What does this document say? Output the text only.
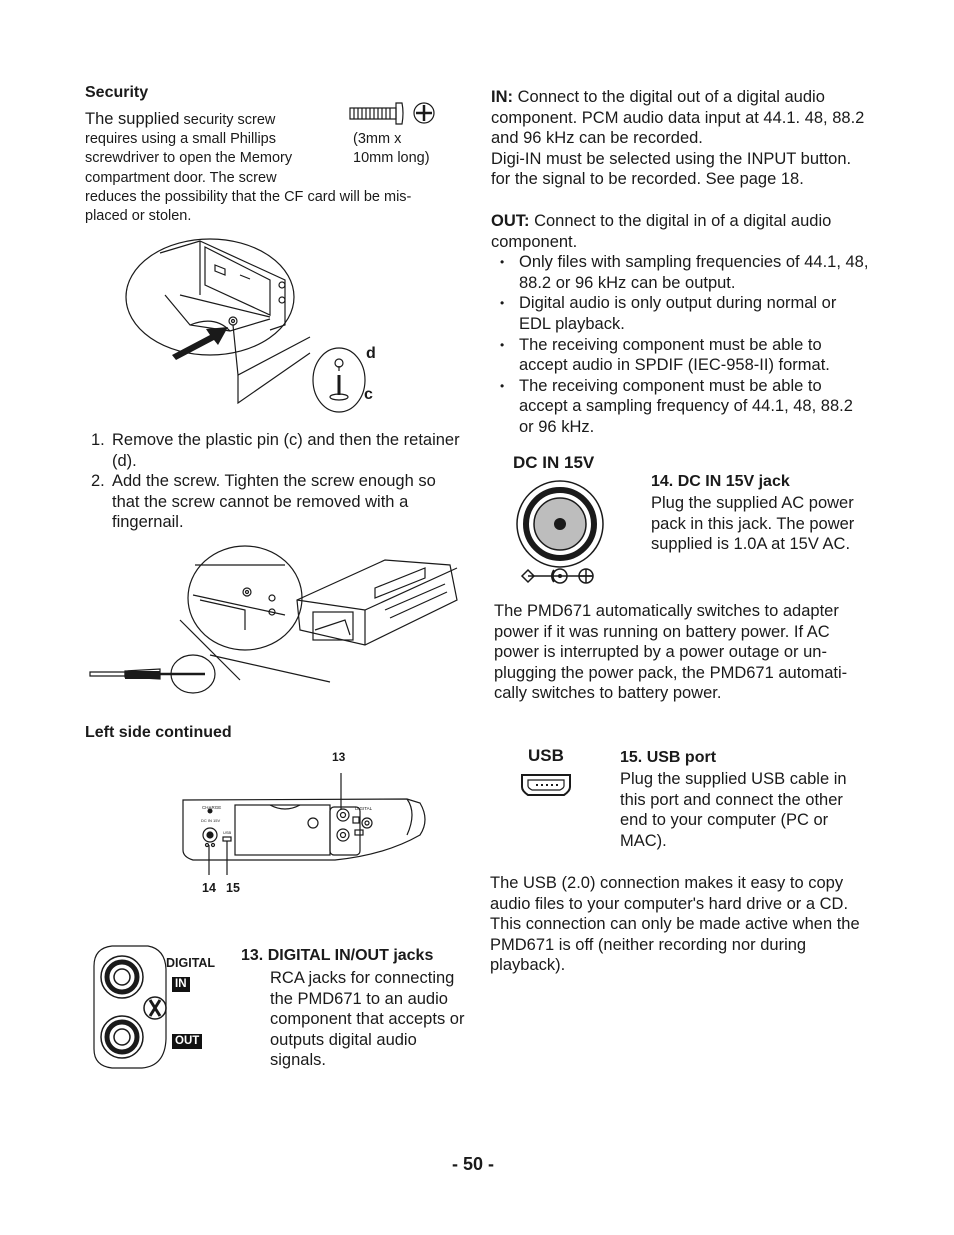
Security
The supplied security screw
requires using a small Phillips
screwdriver to open the Memory
compartment door. The screw
reduces the possibility that the CF card will be mis-
placed or stolen.
(3mm x
10mm long)
d
c
1. Remove the plastic pin (c) and then the retainer (d).
2. Add the screw. Tighten the screw enough so that the screw cannot be removed with a fingernail.
Left side continued
13
CHARGE
DC IN 15V
USB
DIGITAL
14 15
DIGITAL
IN
OUT
13. DIGITAL IN/OUT jacks
RCA jacks for connecting the PMD671 to an audio component that accepts or outputs digital audio signals.
IN: Connect to the digital out of a digital audio component. PCM audio data input at 44.1. 48, 88.2 and 96 kHz can be recorded.
Digi-IN must be selected using the INPUT button. for the signal to be recorded. See page 18.
OUT: Connect to the digital in of a digital audio component.
• Only files with sampling frequencies of 44.1, 48, 88.2 or 96 kHz can be output.
• Digital audio is only output during normal or EDL playback.
• The receiving component must be able to accept audio in SPDIF (IEC-958-II) format.
• The receiving component must be able to accept a sampling frequency of 44.1, 48, 88.2 or 96 kHz.
DC IN 15V
14. DC IN 15V jack
Plug the supplied AC power pack in this jack. The power supplied is 1.0A at 15V AC.
The PMD671 automatically switches to adapter power if it was running on battery power. If AC power is interrupted by a power outage or un-plugging the power pack, the PMD671 automati-cally switches to battery power.
USB	15. USB port
Plug the supplied USB cable in this port and connect the other end to your computer (PC or MAC).
The USB (2.0) connection makes it easy to copy audio files to your computer's hard drive or a CD. This connection can only be made active when the PMD671 is off (neither recording nor during playback).
- 50 -
